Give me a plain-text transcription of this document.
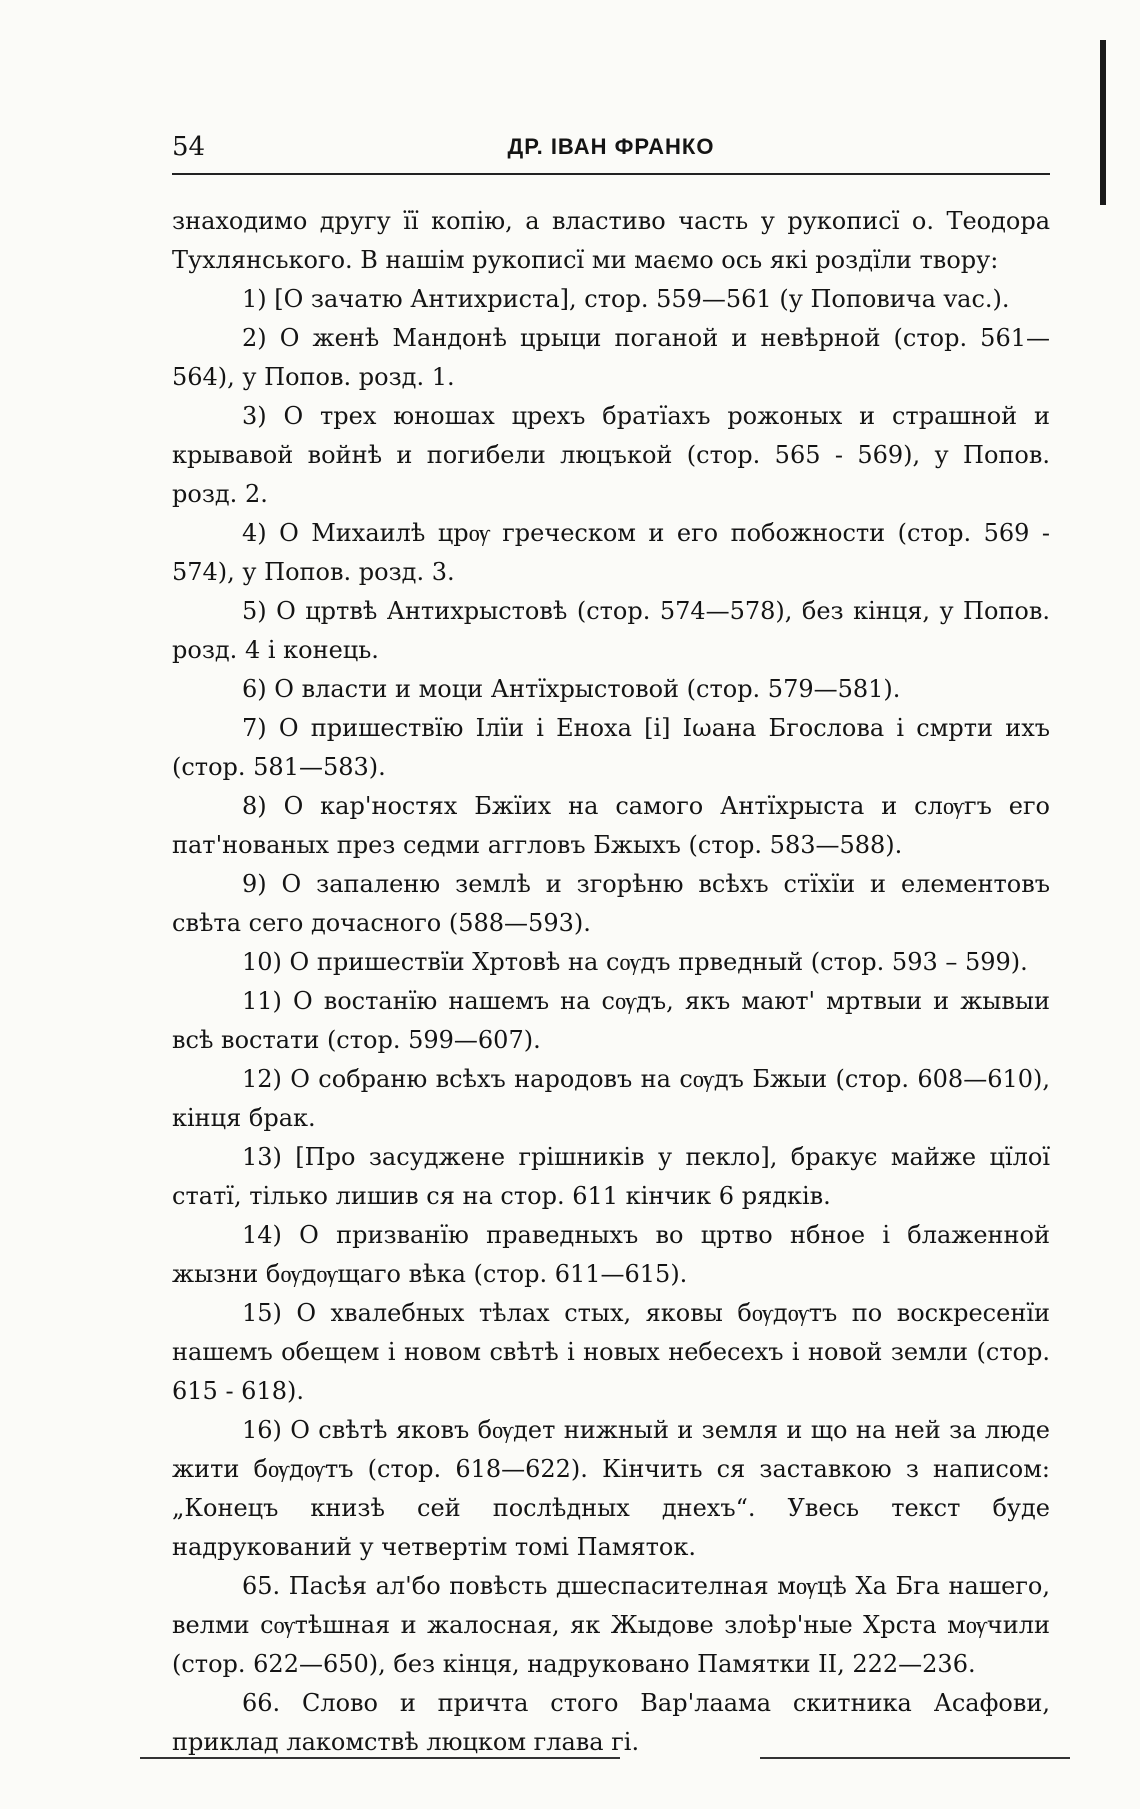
54	ДР. ІВАН ФРАНКО

знаходимо другу її копію, а властиво часть у рукописї о. Теодора Тухлянського. В нашім рукописї ми маємо ось які роздїли твору:

1) [О зачатю Антихриста], стор. 559—561 (у Поповича vac.).

2) О женѣ Мандонѣ црыци поганой и невѣрной (стор. 561—564), у Попов. розд. 1.

3) О трех юношах црехъ братїахъ рожоных и страшной и крывавой войнѣ и погибели люцъкой (стор. 565 - 569), у Попов. розд. 2.

4) О Михаилѣ црѹ греческом и его побожности (стор. 569 - 574), у Попов. розд. 3.

5) О цртвѣ Антихрыстовѣ (стор. 574—578), без кінця, у Попов. розд. 4 і конець.

6) О власти и моци Антїхрыстовой (стор. 579—581).

7) О пришествїю Ілїи і Еноха [і] Іωана Бгослова і смрти ихъ (стор. 581—583).

8) О кар'ностях Бжїих на самого Антїхрыста и слѹгъ его пат'нованых през седми аггловъ Бжыхъ (стор. 583—588).

9) О запаленю землѣ и згорѣню всѣхъ стїхїи и елементовъ свѣта сего дочасного (588—593).

10) О пришествїи Хртовѣ на сѹдъ прведный (стор. 593 – 599).

11) О востанїю нашемъ на сѹдъ, якъ мают' мртвыи и жывыи всѣ востати (стор. 599—607).

12) О собраню всѣхъ народовъ на сѹдъ Бжыи (стор. 608—610), кінця брак.

13) [Про засуджене грішників у пекло], бракує майже цїлої статї, тілько лишив ся на стор. 611 кінчик 6 рядків.

14) О призванїю праведныхъ во цртво нбное і блаженной жызни бѹдѹщаго вѣка (стор. 611—615).

15) О хвалебных тѣлах стых, яковы бѹдѹтъ по воскресенїи нашемъ обещем і новом свѣтѣ і новых небесехъ і новой земли (стор. 615 - 618).

16) О свѣтѣ яковъ бѹдет нижный и земля и що на ней за люде жити бѹдѹтъ (стор. 618—622). Кінчить ся заставкою з написом: „Конецъ книзѣ сей послѣдных днехъ“. Увесь текст буде надрукований у четвертім томі Памяток.

65. Пасѣя ал'бо повѣсть дшеспасителная мѹцѣ Ха Бга нашего, велми сѹтѣшная и жалосная, як Жыдове злоѣр'ные Хрста мѹчили (стор. 622—650), без кінця, надруковано Памятки II, 222—236.

66. Слово и причта стого Вар'лаама скитника Асафови, приклад лакомствѣ люцком глава гі.
